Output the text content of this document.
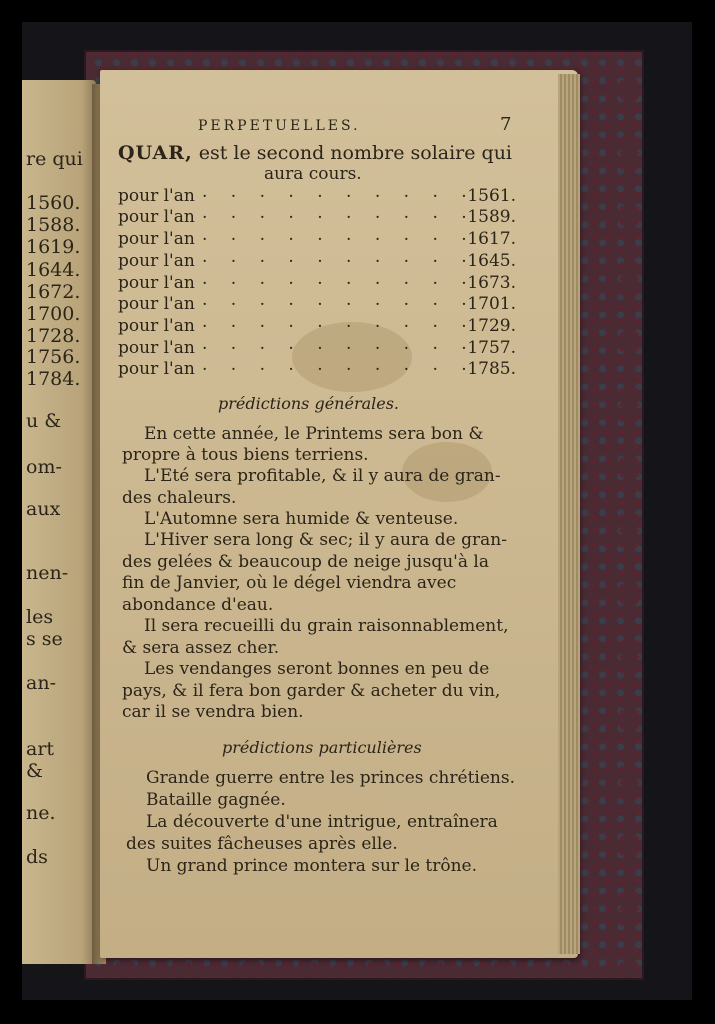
re qui
1560.
1588.
1619.
1644.
1672.
1700.
1728.
1756.
1784.
u &
om-
aux
nen-
les
s se
an-
art
&
ne.
ds
PERPETUELLES.	7
QUAR, est le second nombre solaire qui
aura cours.
pour l'an . . . . . . . . . .
1561.
pour l'an . . . . . . . . . .
1589.
pour l'an . . . . . . . . . .
1617.
pour l'an . . . . . . . . . .
1645.
pour l'an . . . . . . . . . .
1673.
pour l'an . . . . . . . . . .
1701.
pour l'an . . . . . . . . . .
1729.
pour l'an . . . . . . . . . .
1757.
pour l'an . . . . . . . . . .
1785.
prédictions générales.
En cette année, le Printems sera bon &
propre à tous biens terriens.
L'Eté sera profitable, & il y aura de gran-
des chaleurs.
L'Automne sera humide & venteuse.
L'Hiver sera long & sec; il y aura de gran-
des gelées & beaucoup de neige jusqu'à la
fin de Janvier, où le dégel viendra avec
abondance d'eau.
Il sera recueilli du grain raisonnablement,
& sera assez cher.
Les vendanges seront bonnes en peu de
pays, & il fera bon garder & acheter du vin,
car il se vendra bien.
prédictions particulières
Grande guerre entre les princes chrétiens.
Bataille gagnée.
La découverte d'une intrigue, entraînera
des suites fâcheuses après elle.
Un grand prince montera sur le trône.
